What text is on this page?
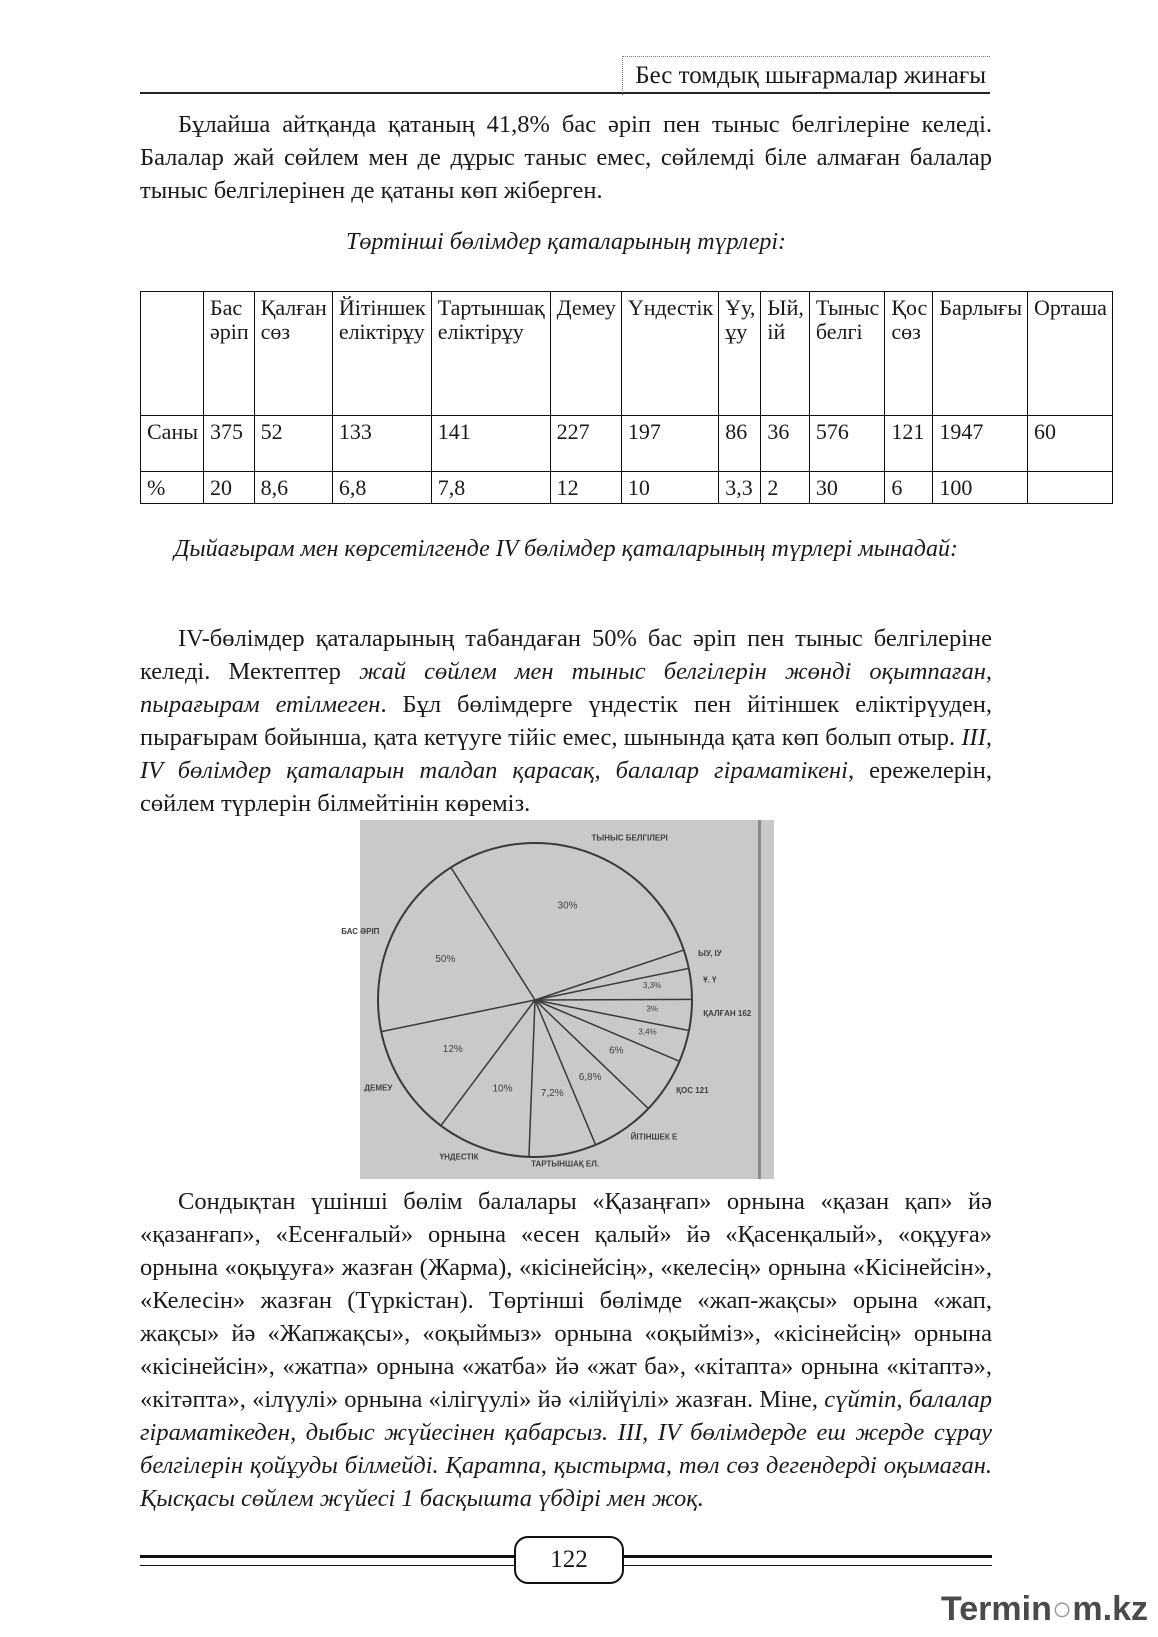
Бес томдық шығармалар жинағы
Бұлайша айтқанда қатаның 41,8% бас әріп пен тыныс белгілеріне келеді. Балалар жай сөйлем мен де дұрыс таныс емес, сөйлемді біле алмаған балалар тыныс белгілерінен де қатаны көп жіберген.
Төртінші бөлімдер қаталарының түрлері:
	Бас әріп	Қалған сөз	Йітіншек еліктірұу	Тартыншақ еліктірұу	Демеу	Үндестік	Ұу, ұу	Ый, ій	Тыныс белгі	Қос сөз	Барлығы	Орташа
Саны	375	52	133	141	227	197	86	36	576	121	1947	60
%	20	8,6	6,8	7,8	12	10	3,3	2	30	6	100	
Дыйағырам мен көрсетілгенде IV бөлімдер қаталарының түрлері мынадай:
IV-бөлімдер қаталарының табандаған 50% бас әріп пен тыныс белгілеріне келеді. Мектептер жай сөйлем мен тыныс белгілерін жөнді оқытпаған, пырағырам етілмеген. Бұл бөлімдерге үндестік пен йітіншек еліктірүуден, пырағырам бойынша, қата кетүуге тійіс емес, шынында қата көп болып отыр. III, IV бөлімдер қаталарын талдап қарасақ, балалар гіраматікені, ережелерін, сөйлем түрлерін білмейтінін көреміз.
30%
ТЫНЫС БЕЛГІЛЕРІ
ЫУ, ІУ
3,3%
Ұ. Ү
3%
ҚАЛҒАН 162
3,4%
6%
ҚОС 121
6,8%
ЙІТІНШЕК Е
7,2%
ТАРТЫНШАҚ ЕЛ.
10%
ҮНДЕСТІК
12%
ДЕМЕУ
50%
БАС ӘРІП
Сондықтан үшінші бөлім балалары «Қазаңғап» орнына «қазан қап» йә «қазанғап», «Есенғалый» орнына «есен қалый» йә «Қасенқалый», «оқұуға» орнына «оқыұуға» жазған (Жарма), «кісінейсің», «келесің» орнына «Кісінейсін», «Келесін» жазған (Түркістан). Төртінші бөлімде «жап-жақсы» орына «жап, жақсы» йә «Жапжақсы», «оқыймыз» орнына «оқыймiз», «кісінейсің» орнына «кісінейсін», «жатпа» орнына «жатба» йә «жат ба», «кітапта» орнына «кітаптә», «кітәпта», «ілүулі» орнына «ілігүулі» йә «ілійүілі» жазған. Міне, сүйтіп, балалар гіраматікеден, дыбыс жүйесінен қабарсыз. III, IV бөлімдерде еш жерде сұрау белгілерін қойұуды білмейді. Қаратпа, қыстырма, төл сөз дегендерді оқымаған. Қысқасы сөйлем жүйесі 1 басқышта үбдірі мен жоқ.
122
Termin○m.kz
